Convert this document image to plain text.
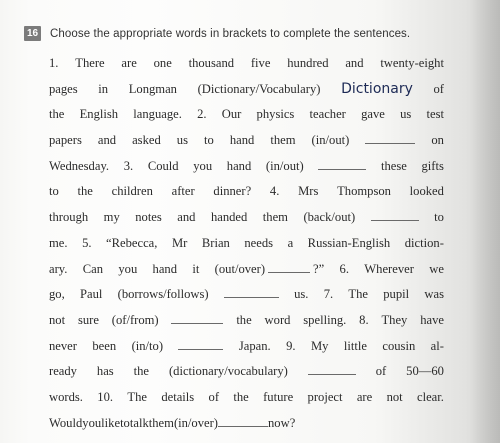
16 Choose the appropriate words in brackets to complete the sentences.
1. There are one thousand five hundred and twenty-eight
pages in Longman (Dictionary/Vocabulary) Dictionary of
the English language. 2. Our physics teacher gave us test
papers and asked us to hand them (in/out)	on
Wednesday. 3. Could you hand (in/out)	these gifts
to the children after dinner? 4. Mrs Thompson looked
through my notes and handed them (back/out)	to
me. 5. “Rebecca, Mr Brian needs a Russian-English diction-
ary. Can you hand it (out/over)	?” 6. Wherever we
go, Paul (borrows/follows)	us. 7. The pupil was
not sure (of/from)	the word spelling. 8. They have
never been (in/to)	Japan. 9. My little cousin al-
ready has the (dictionary/vocabulary)	of 50—60
words. 10. The details of the future project are not clear.
Would you like to talk them (in/over)	now?
